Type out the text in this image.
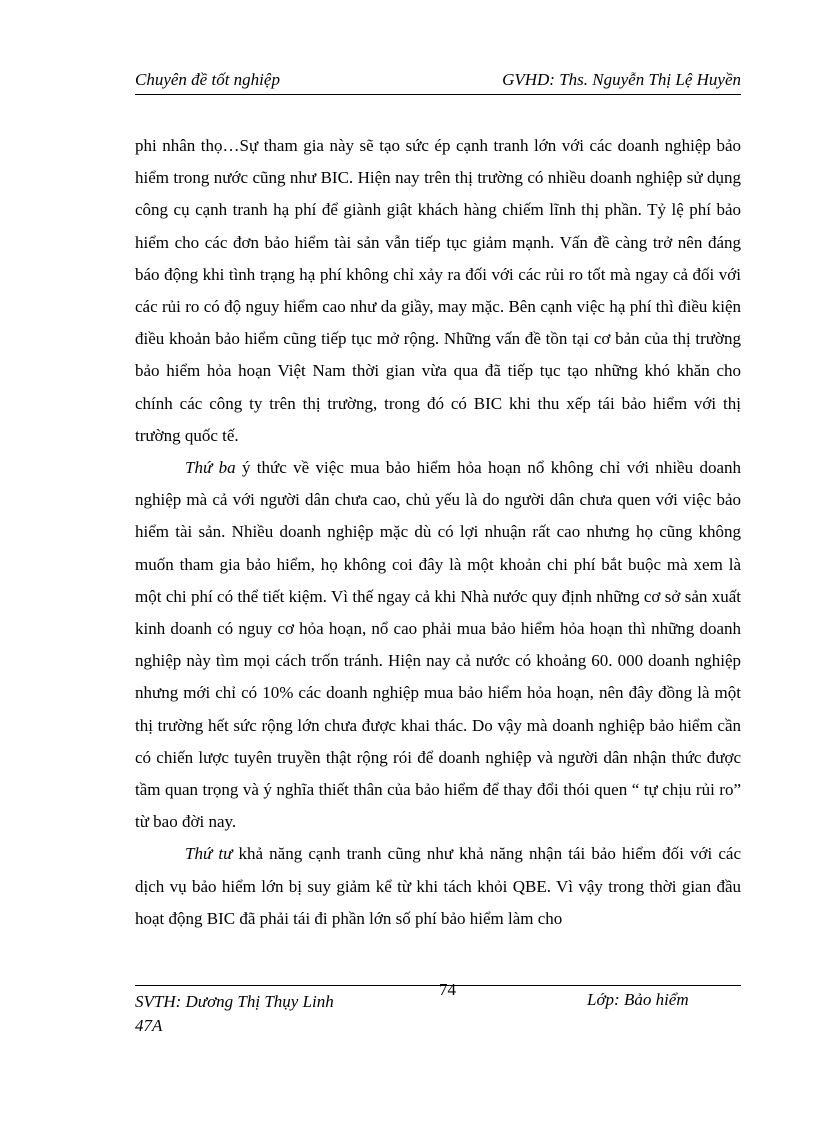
Chuyên đề tốt nghiệp	GVHD: Ths. Nguyễn Thị Lệ Huyền

phi nhân thọ…Sự tham gia này sẽ tạo sức ép cạnh tranh lớn với các doanh nghiệp bảo hiểm trong nước cũng như BIC. Hiện nay trên thị trường có nhiều doanh nghiệp sử dụng công cụ cạnh tranh hạ phí để giành giật khách hàng chiếm lĩnh thị phần. Tỷ lệ phí bảo hiểm cho các đơn bảo hiểm tài sản vẫn tiếp tục giảm mạnh. Vấn đề càng trở nên đáng báo động khi tình trạng hạ phí không chỉ xảy ra đối với các rủi ro tốt mà ngay cả đối với các rủi ro có độ nguy hiểm cao như da giầy, may mặc. Bên cạnh việc hạ phí thì điều kiện điều khoản bảo hiểm cũng tiếp tục mở rộng. Những vấn đề tồn tại cơ bản của thị trường bảo hiểm hỏa hoạn Việt Nam thời gian vừa qua đã tiếp tục tạo những khó khăn cho chính các công ty trên thị trường, trong đó có BIC khi thu xếp tái bảo hiểm với thị trường quốc tế.

Thứ ba ý thức về việc mua bảo hiểm hỏa hoạn nổ không chỉ với nhiều doanh nghiệp mà cả với người dân chưa cao, chủ yếu là do người dân chưa quen với việc bảo hiểm tài sản. Nhiều doanh nghiệp mặc dù có lợi nhuận rất cao nhưng họ cũng không muốn tham gia bảo hiểm, họ không coi đây là một khoản chi phí bắt buộc mà xem là một chi phí có thể tiết kiệm. Vì thế ngay cả khi Nhà nước quy định những cơ sở sản xuất kinh doanh có nguy cơ hỏa hoạn, nổ cao phải mua bảo hiểm hỏa hoạn thì những doanh nghiệp này tìm mọi cách trốn tránh. Hiện nay cả nước có khoảng 60. 000 doanh nghiệp nhưng mới chỉ có 10% các doanh nghiệp mua bảo hiểm hỏa hoạn, nên đây đồng là một thị trường hết sức rộng lớn chưa được khai thác. Do vậy mà doanh nghiệp bảo hiểm cần có chiến lược tuyên truyền thật rộng rói để doanh nghiệp và người dân nhận thức được tầm quan trọng và ý nghĩa thiết thân của bảo hiểm để thay đổi thói quen “ tự chịu rủi ro” từ bao đời nay.

Thứ tư khả năng cạnh tranh cũng như khả năng nhận tái bảo hiểm đối với các dịch vụ bảo hiểm lớn bị suy giảm kể từ khi tách khỏi QBE. Vì vậy trong thời gian đầu hoạt động BIC đã phải tái đi phần lớn số phí bảo hiểm làm cho

SVTH: Dương Thị Thụy Linh
47A
74
Lớp: Bảo hiểm
